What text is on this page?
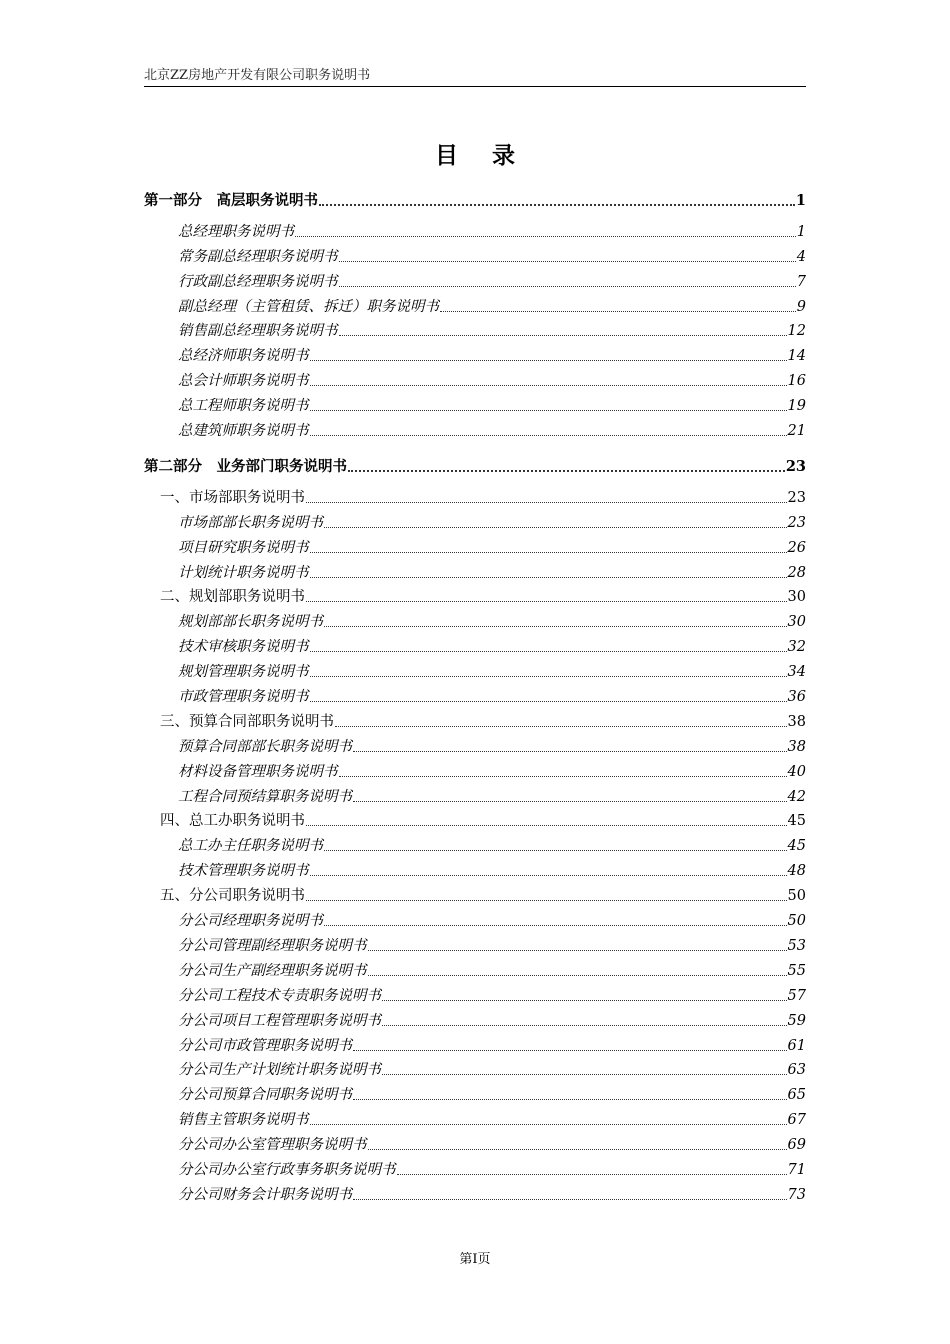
北京ZZ房地产开发有限公司职务说明书
目录
第一部分　高层职务说明书	1
总经理职务说明书	1
常务副总经理职务说明书	4
行政副总经理职务说明书	7
副总经理（主管租赁、拆迁）职务说明书	9
销售副总经理职务说明书	12
总经济师职务说明书	14
总会计师职务说明书	16
总工程师职务说明书	19
总建筑师职务说明书	21
第二部分　业务部门职务说明书	23
一、市场部职务说明书	23
市场部部长职务说明书	23
项目研究职务说明书	26
计划统计职务说明书	28
二、规划部职务说明书	30
规划部部长职务说明书	30
技术审核职务说明书	32
规划管理职务说明书	34
市政管理职务说明书	36
三、预算合同部职务说明书	38
预算合同部部长职务说明书	38
材料设备管理职务说明书	40
工程合同预结算职务说明书	42
四、总工办职务说明书	45
总工办主任职务说明书	45
技术管理职务说明书	48
五、分公司职务说明书	50
分公司经理职务说明书	50
分公司管理副经理职务说明书	53
分公司生产副经理职务说明书	55
分公司工程技术专责职务说明书	57
分公司项目工程管理职务说明书	59
分公司市政管理职务说明书	61
分公司生产计划统计职务说明书	63
分公司预算合同职务说明书	65
销售主管职务说明书	67
分公司办公室管理职务说明书	69
分公司办公室行政事务职务说明书	71
分公司财务会计职务说明书	73
第I页
